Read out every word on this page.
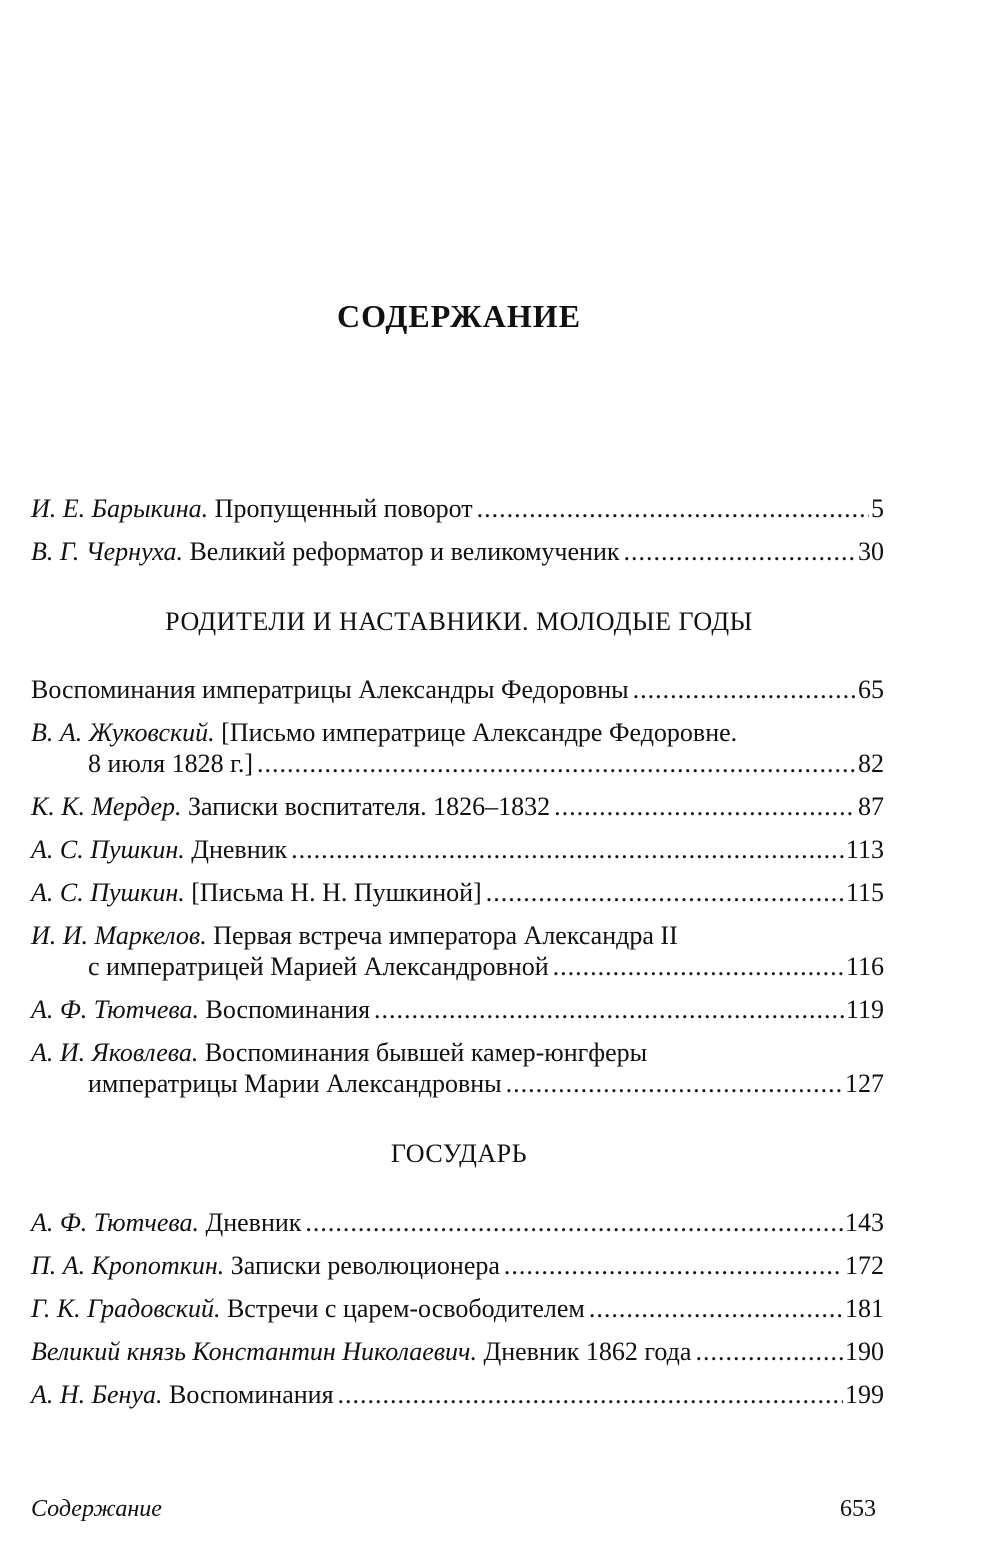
СОДЕРЖАНИЕ
И. Е. Барыкина.
Пропущенный поворот .....	5
В. Г. Чернуха.
Великий реформатор и великомученик .....	30
РОДИТЕЛИ И НАСТАВНИКИ. МОЛОДЫЕ ГОДЫ
Воспоминания императрицы Александры Федоровны .....	65
В. А. Жуковский.
[Письмо императрице Александре Федоровне.
8 июля 1828 г.] .....	82
К. К. Мердер.
Записки воспитателя. 1826–1832 .....	87
А. С. Пушкин.
Дневник .....	113
А. С. Пушкин.
[Письма Н. Н. Пушкиной] .....	115
И. И. Маркелов.
Первая встреча императора Александра II
с императрицей Марией Александровной .....	116
А. Ф. Тютчева.
Воспоминания .....	119
А. И. Яковлева.
Воспоминания бывшей камер-юнгферы
императрицы Марии Александровны .....	127
ГОСУДАРЬ
А. Ф. Тютчева.
Дневник .....	143
П. А. Кропоткин.
Записки революционера .....	172
Г. К. Градовский.
Встречи с царем-освободителем .....	181
Великий князь Константин Николаевич.
Дневник 1862 года .....	190
А. Н. Бенуа.
Воспоминания .....	199
Содержание	653
